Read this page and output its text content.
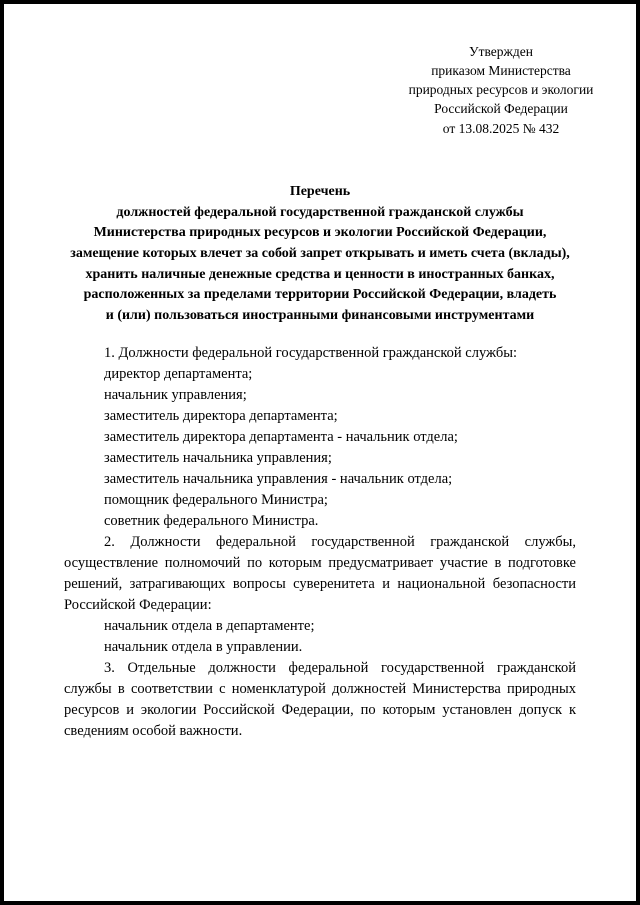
Утвержден
приказом Министерства
природных ресурсов и экологии
Российской Федерации
от 13.08.2025 № 432
Перечень
должностей федеральной государственной гражданской службы
Министерства природных ресурсов и экологии Российской Федерации,
замещение которых влечет за собой запрет открывать и иметь счета (вклады),
хранить наличные денежные средства и ценности в иностранных банках,
расположенных за пределами территории Российской Федерации, владеть
и (или) пользоваться иностранными финансовыми инструментами

1. Должности федеральной государственной гражданской службы:

директор департамента;
начальник управления;
заместитель директора департамента;
заместитель директора департамента - начальник отдела;
заместитель начальника управления;
заместитель начальника управления - начальник отдела;
помощник федерального Министра;
советник федерального Министра.

2. Должности федеральной государственной гражданской службы, осуществление полномочий по которым предусматривает участие в подготовке решений, затрагивающих вопросы суверенитета и национальной безопасности Российской Федерации:

начальник отдела в департаменте;
начальник отдела в управлении.

3. Отдельные должности федеральной государственной гражданской службы в соответствии с номенклатурой должностей Министерства природных ресурсов и экологии Российской Федерации, по которым установлен допуск к сведениям особой важности.
